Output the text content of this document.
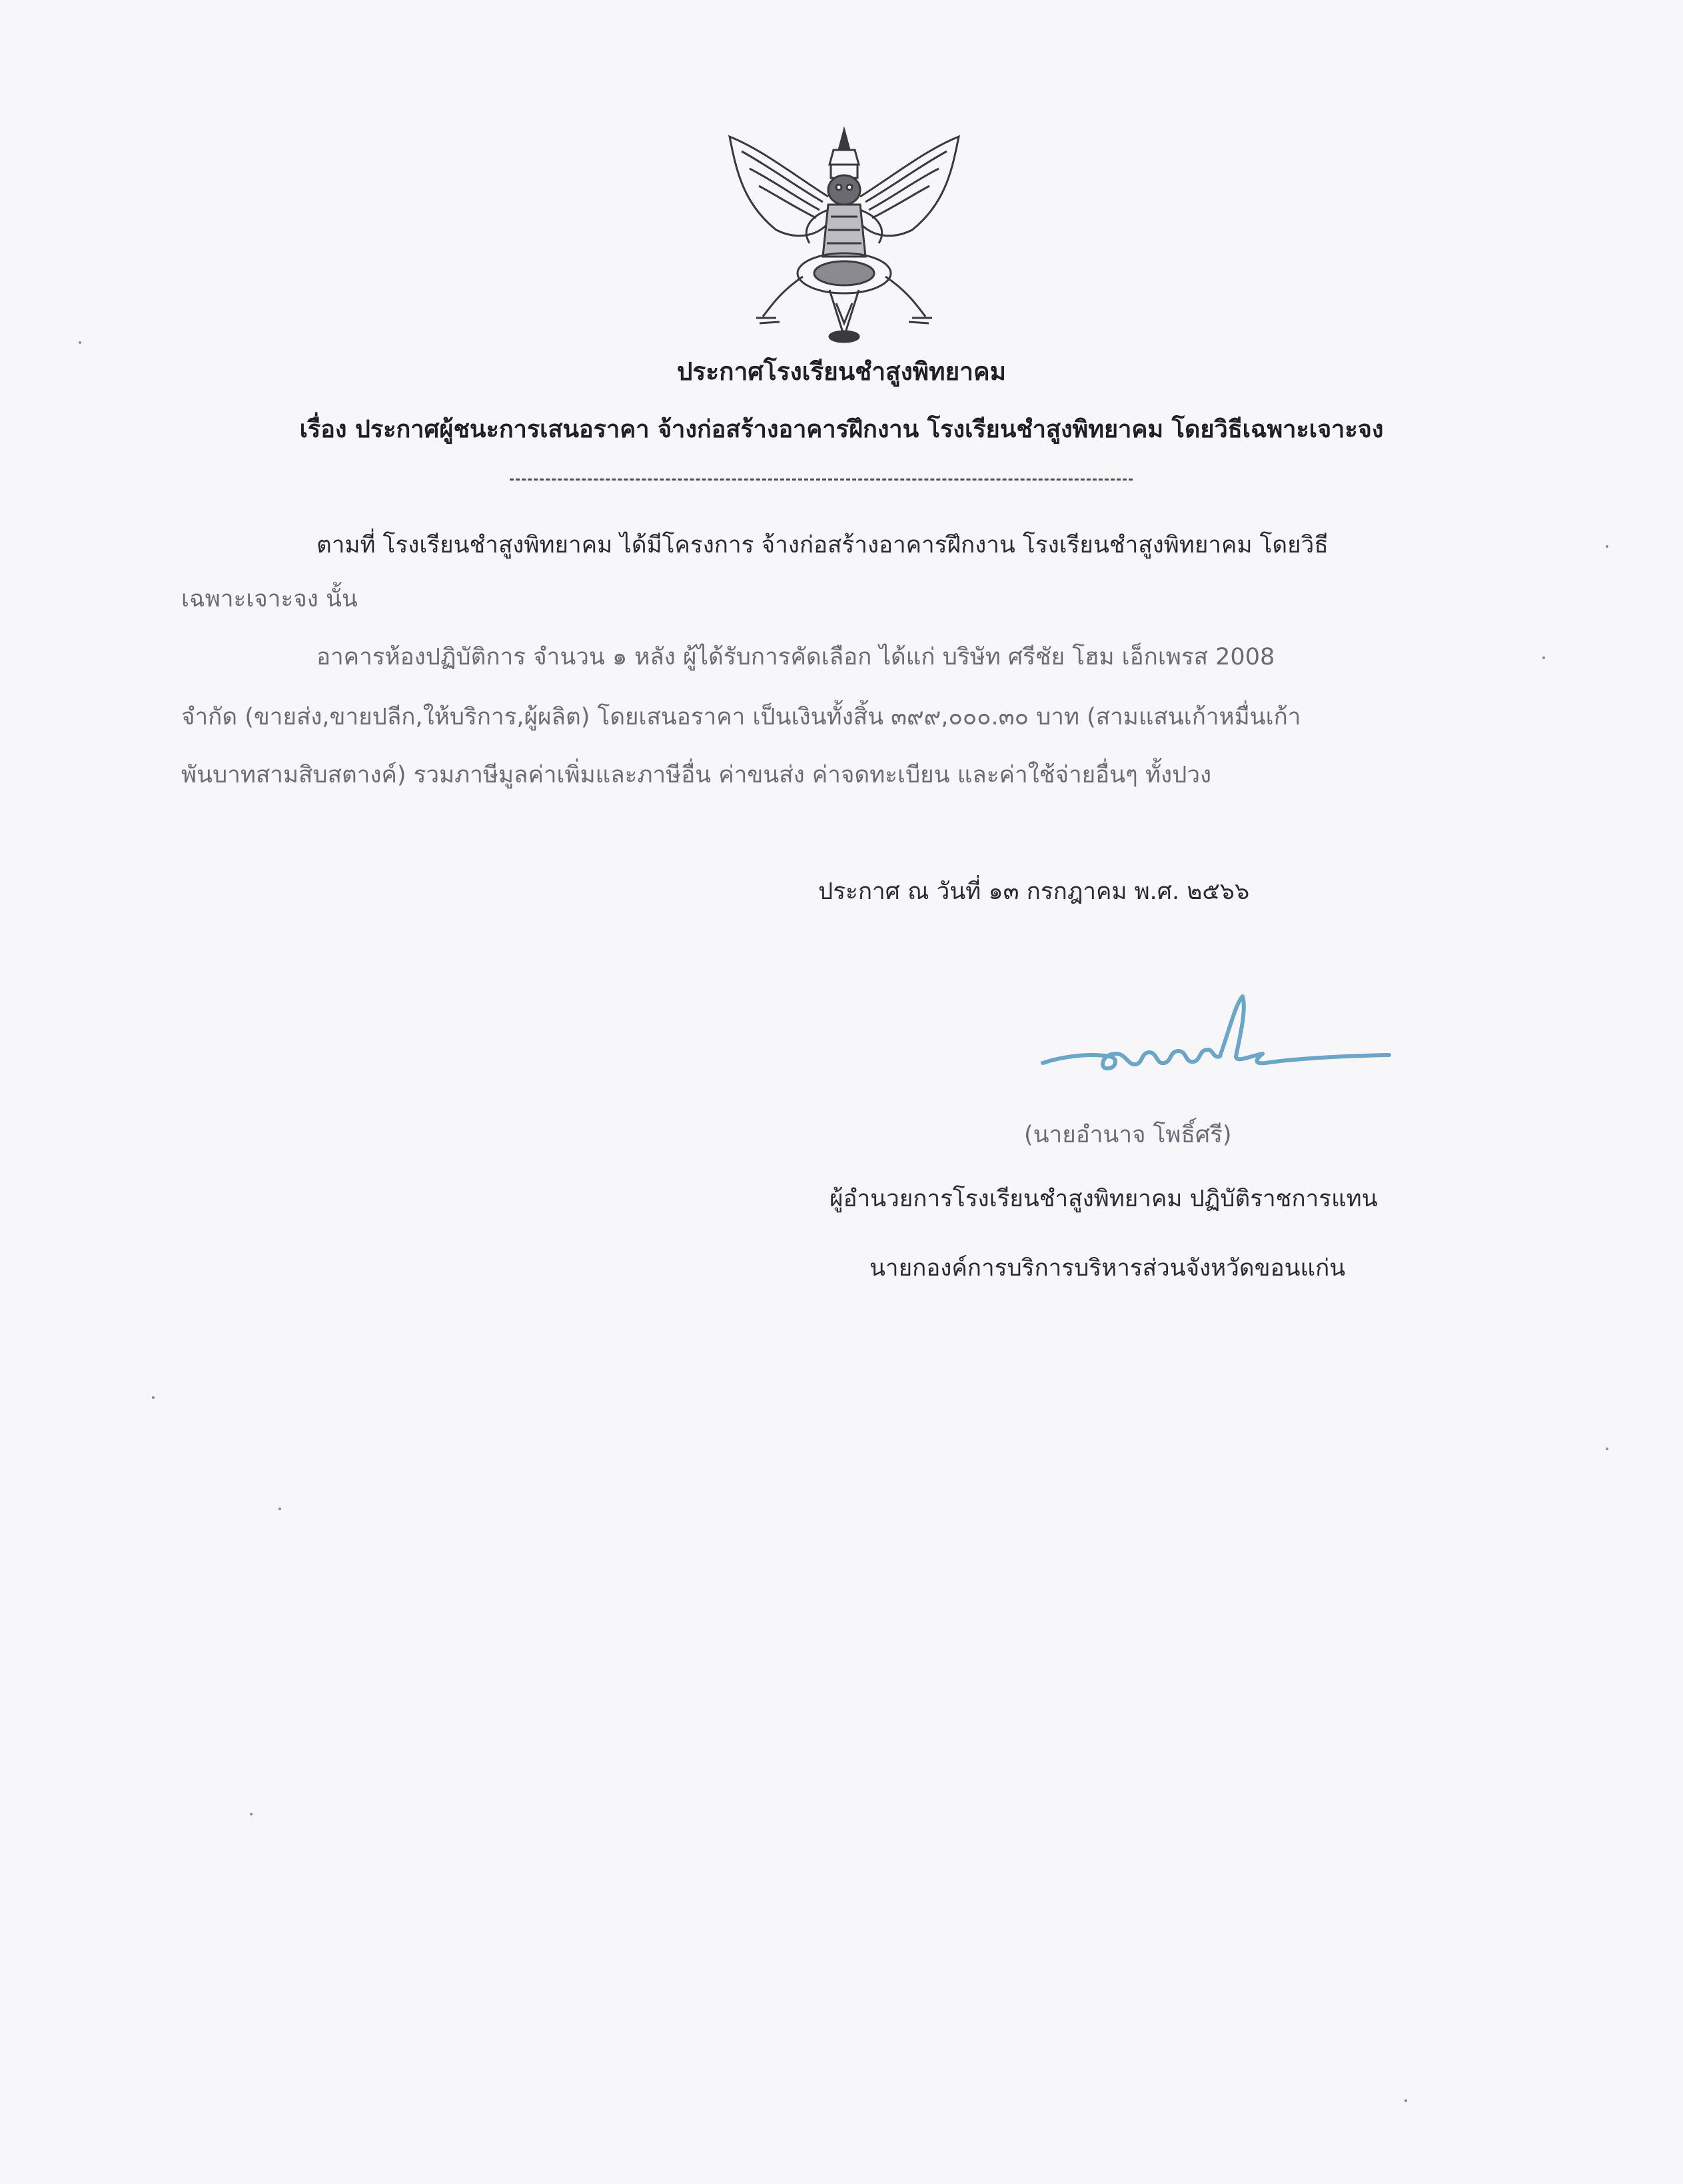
ประกาศโรงเรียนชำสูงพิทยาคม
เรื่อง ประกาศผู้ชนะการเสนอราคา จ้างก่อสร้างอาคารฝึกงาน โรงเรียนชำสูงพิทยาคม โดยวิธีเฉพาะเจาะจง
ตามที่ โรงเรียนชำสูงพิทยาคม ได้มีโครงการ จ้างก่อสร้างอาคารฝึกงาน โรงเรียนชำสูงพิทยาคม โดยวิธี
เฉพาะเจาะจง นั้น
อาคารห้องปฏิบัติการ จำนวน ๑ หลัง ผู้ได้รับการคัดเลือก ได้แก่ บริษัท ศรีชัย โฮม เอ็กเพรส 2008
จำกัด (ขายส่ง,ขายปลีก,ให้บริการ,ผู้ผลิต) โดยเสนอราคา เป็นเงินทั้งสิ้น ๓๙๙,๐๐๐.๓๐ บาท (สามแสนเก้าหมื่นเก้า
พันบาทสามสิบสตางค์) รวมภาษีมูลค่าเพิ่มและภาษีอื่น ค่าขนส่ง ค่าจดทะเบียน และค่าใช้จ่ายอื่นๆ ทั้งปวง
ประกาศ ณ วันที่ ๑๓ กรกฎาคม พ.ศ. ๒๕๖๖
(นายอำนาจ โพธิ์ศรี)
ผู้อำนวยการโรงเรียนชำสูงพิทยาคม ปฏิบัติราชการแทน
นายกองค์การบริการบริหารส่วนจังหวัดขอนแก่น
